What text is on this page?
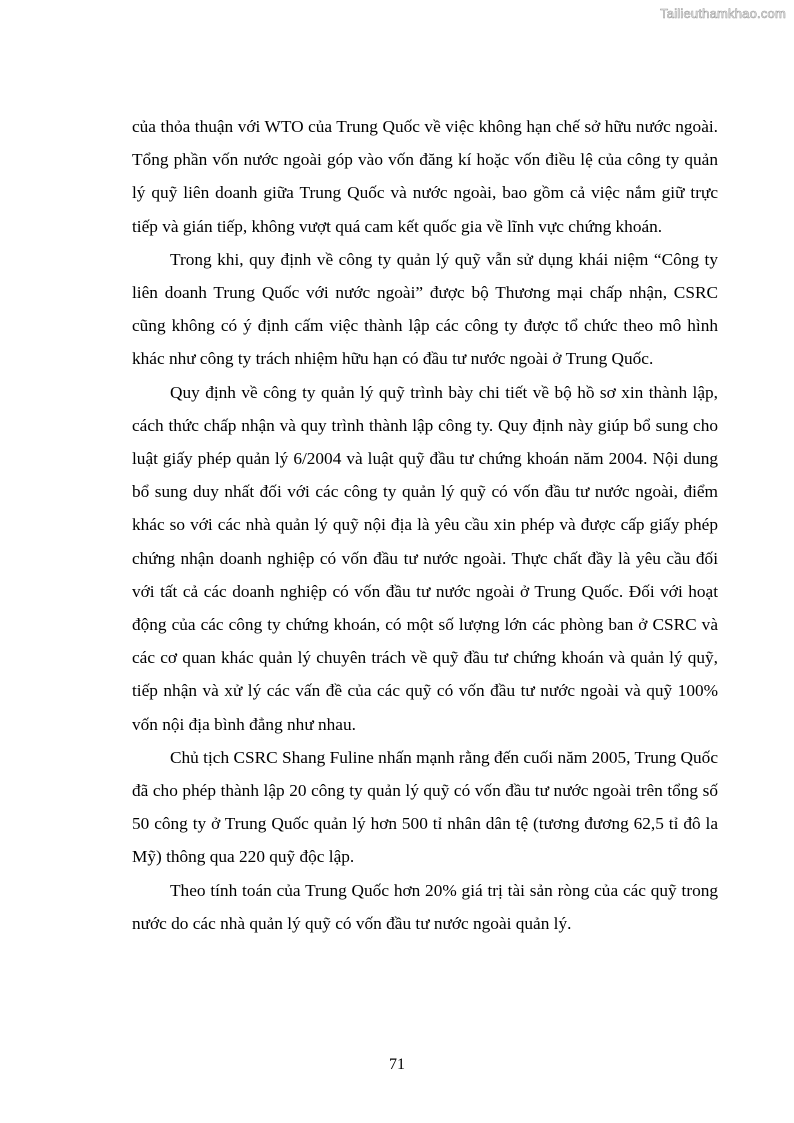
Tailieuthamkhao.com

của thỏa thuận với WTO của Trung Quốc về việc không hạn chế sở hữu nước ngoài. Tổng phần vốn nước ngoài góp vào vốn đăng kí hoặc vốn điều lệ của công ty quản lý quỹ liên doanh giữa Trung Quốc và nước ngoài, bao gồm cả việc nắm giữ trực tiếp và gián tiếp, không vượt quá cam kết quốc gia về lĩnh vực chứng khoán.

Trong khi, quy định về công ty quản lý quỹ vẫn sử dụng khái niệm “Công ty liên doanh Trung Quốc với nước ngoài” được bộ Thương mại chấp nhận, CSRC cũng không có ý định cấm việc thành lập các công ty được tổ chức theo mô hình khác như công ty trách nhiệm hữu hạn có đầu tư nước ngoài ở Trung Quốc.

Quy định về công ty quản lý quỹ trình bày chi tiết về bộ hồ sơ xin thành lập, cách thức chấp nhận và quy trình thành lập công ty. Quy định này giúp bổ sung cho luật giấy phép quản lý 6/2004 và luật quỹ đầu tư chứng khoán năm 2004. Nội dung bổ sung duy nhất đối với các công ty quản lý quỹ có vốn đầu tư nước ngoài, điểm khác so với các nhà quản lý quỹ nội địa là yêu cầu xin phép và được cấp giấy phép chứng nhận doanh nghiệp có vốn đầu tư nước ngoài. Thực chất đầy là yêu cầu đối với tất cả các doanh nghiệp có vốn đầu tư nước ngoài ở Trung Quốc. Đối với hoạt động của các công ty chứng khoán, có một số lượng lớn các phòng ban ở CSRC và các cơ quan khác quản lý chuyên trách về quỹ đầu tư chứng khoán và quản lý quỹ, tiếp nhận và xử lý các vấn đề của các quỹ có vốn đầu tư nước ngoài và quỹ 100% vốn nội địa bình đẳng như nhau.

Chủ tịch CSRC Shang Fuline nhấn mạnh rằng đến cuối năm 2005, Trung Quốc đã cho phép thành lập 20 công ty quản lý quỹ có vốn đầu tư nước ngoài trên tổng số 50 công ty ở Trung Quốc quản lý hơn 500 tỉ nhân dân tệ (tương đương 62,5 tỉ đô la Mỹ) thông qua 220 quỹ độc lập.

Theo tính toán của Trung Quốc hơn 20% giá trị tài sản ròng của các quỹ trong nước do các nhà quản lý quỹ có vốn đầu tư nước ngoài quản lý.

71
